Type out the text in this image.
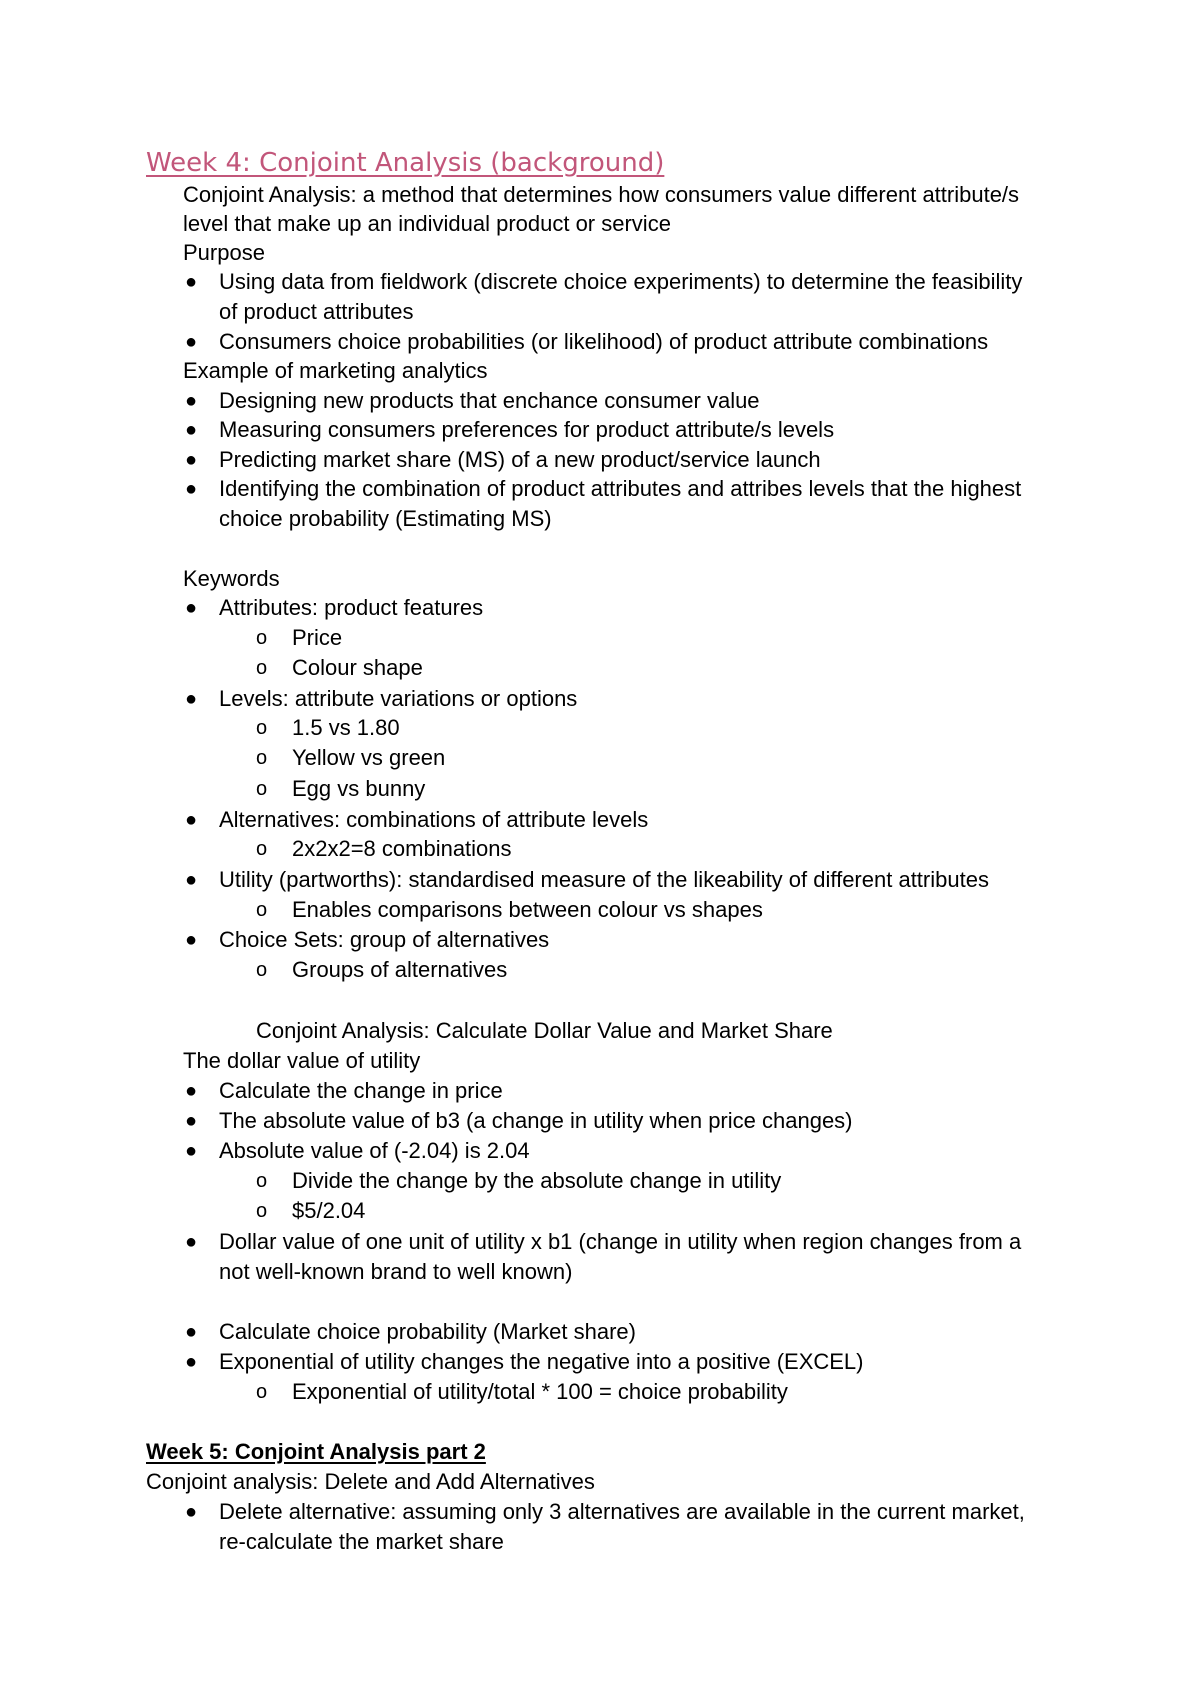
Week 4: Conjoint Analysis (background)
Conjoint Analysis: a method that determines how consumers value different attribute/s
level that make up an individual product or service
Purpose
● Using data from fieldwork (discrete choice experiments) to determine the feasibility
of product attributes
● Consumers choice probabilities (or likelihood) of product attribute combinations
Example of marketing analytics
● Designing new products that enchance consumer value
● Measuring consumers preferences for product attribute/s levels
● Predicting market share (MS) of a new product/service launch
● Identifying the combination of product attributes and attribes levels that the highest
choice probability (Estimating MS)
Keywords
● Attributes: product features
o Price
o Colour shape
● Levels: attribute variations or options
o 1.5 vs 1.80
o Yellow vs green
o Egg vs bunny
● Alternatives: combinations of attribute levels
o 2x2x2=8 combinations
● Utility (partworths): standardised measure of the likeability of different attributes
o Enables comparisons between colour vs shapes
● Choice Sets: group of alternatives
o Groups of alternatives
Conjoint Analysis: Calculate Dollar Value and Market Share
The dollar value of utility
● Calculate the change in price
● The absolute value of b3 (a change in utility when price changes)
● Absolute value of (-2.04) is 2.04
o Divide the change by the absolute change in utility
o $5/2.04
● Dollar value of one unit of utility x b1 (change in utility when region changes from a
not well-known brand to well known)
● Calculate choice probability (Market share)
● Exponential of utility changes the negative into a positive (EXCEL)
o Exponential of utility/total * 100 = choice probability
Week 5: Conjoint Analysis part 2
Conjoint analysis: Delete and Add Alternatives
● Delete alternative: assuming only 3 alternatives are available in the current market,
re-calculate the market share
